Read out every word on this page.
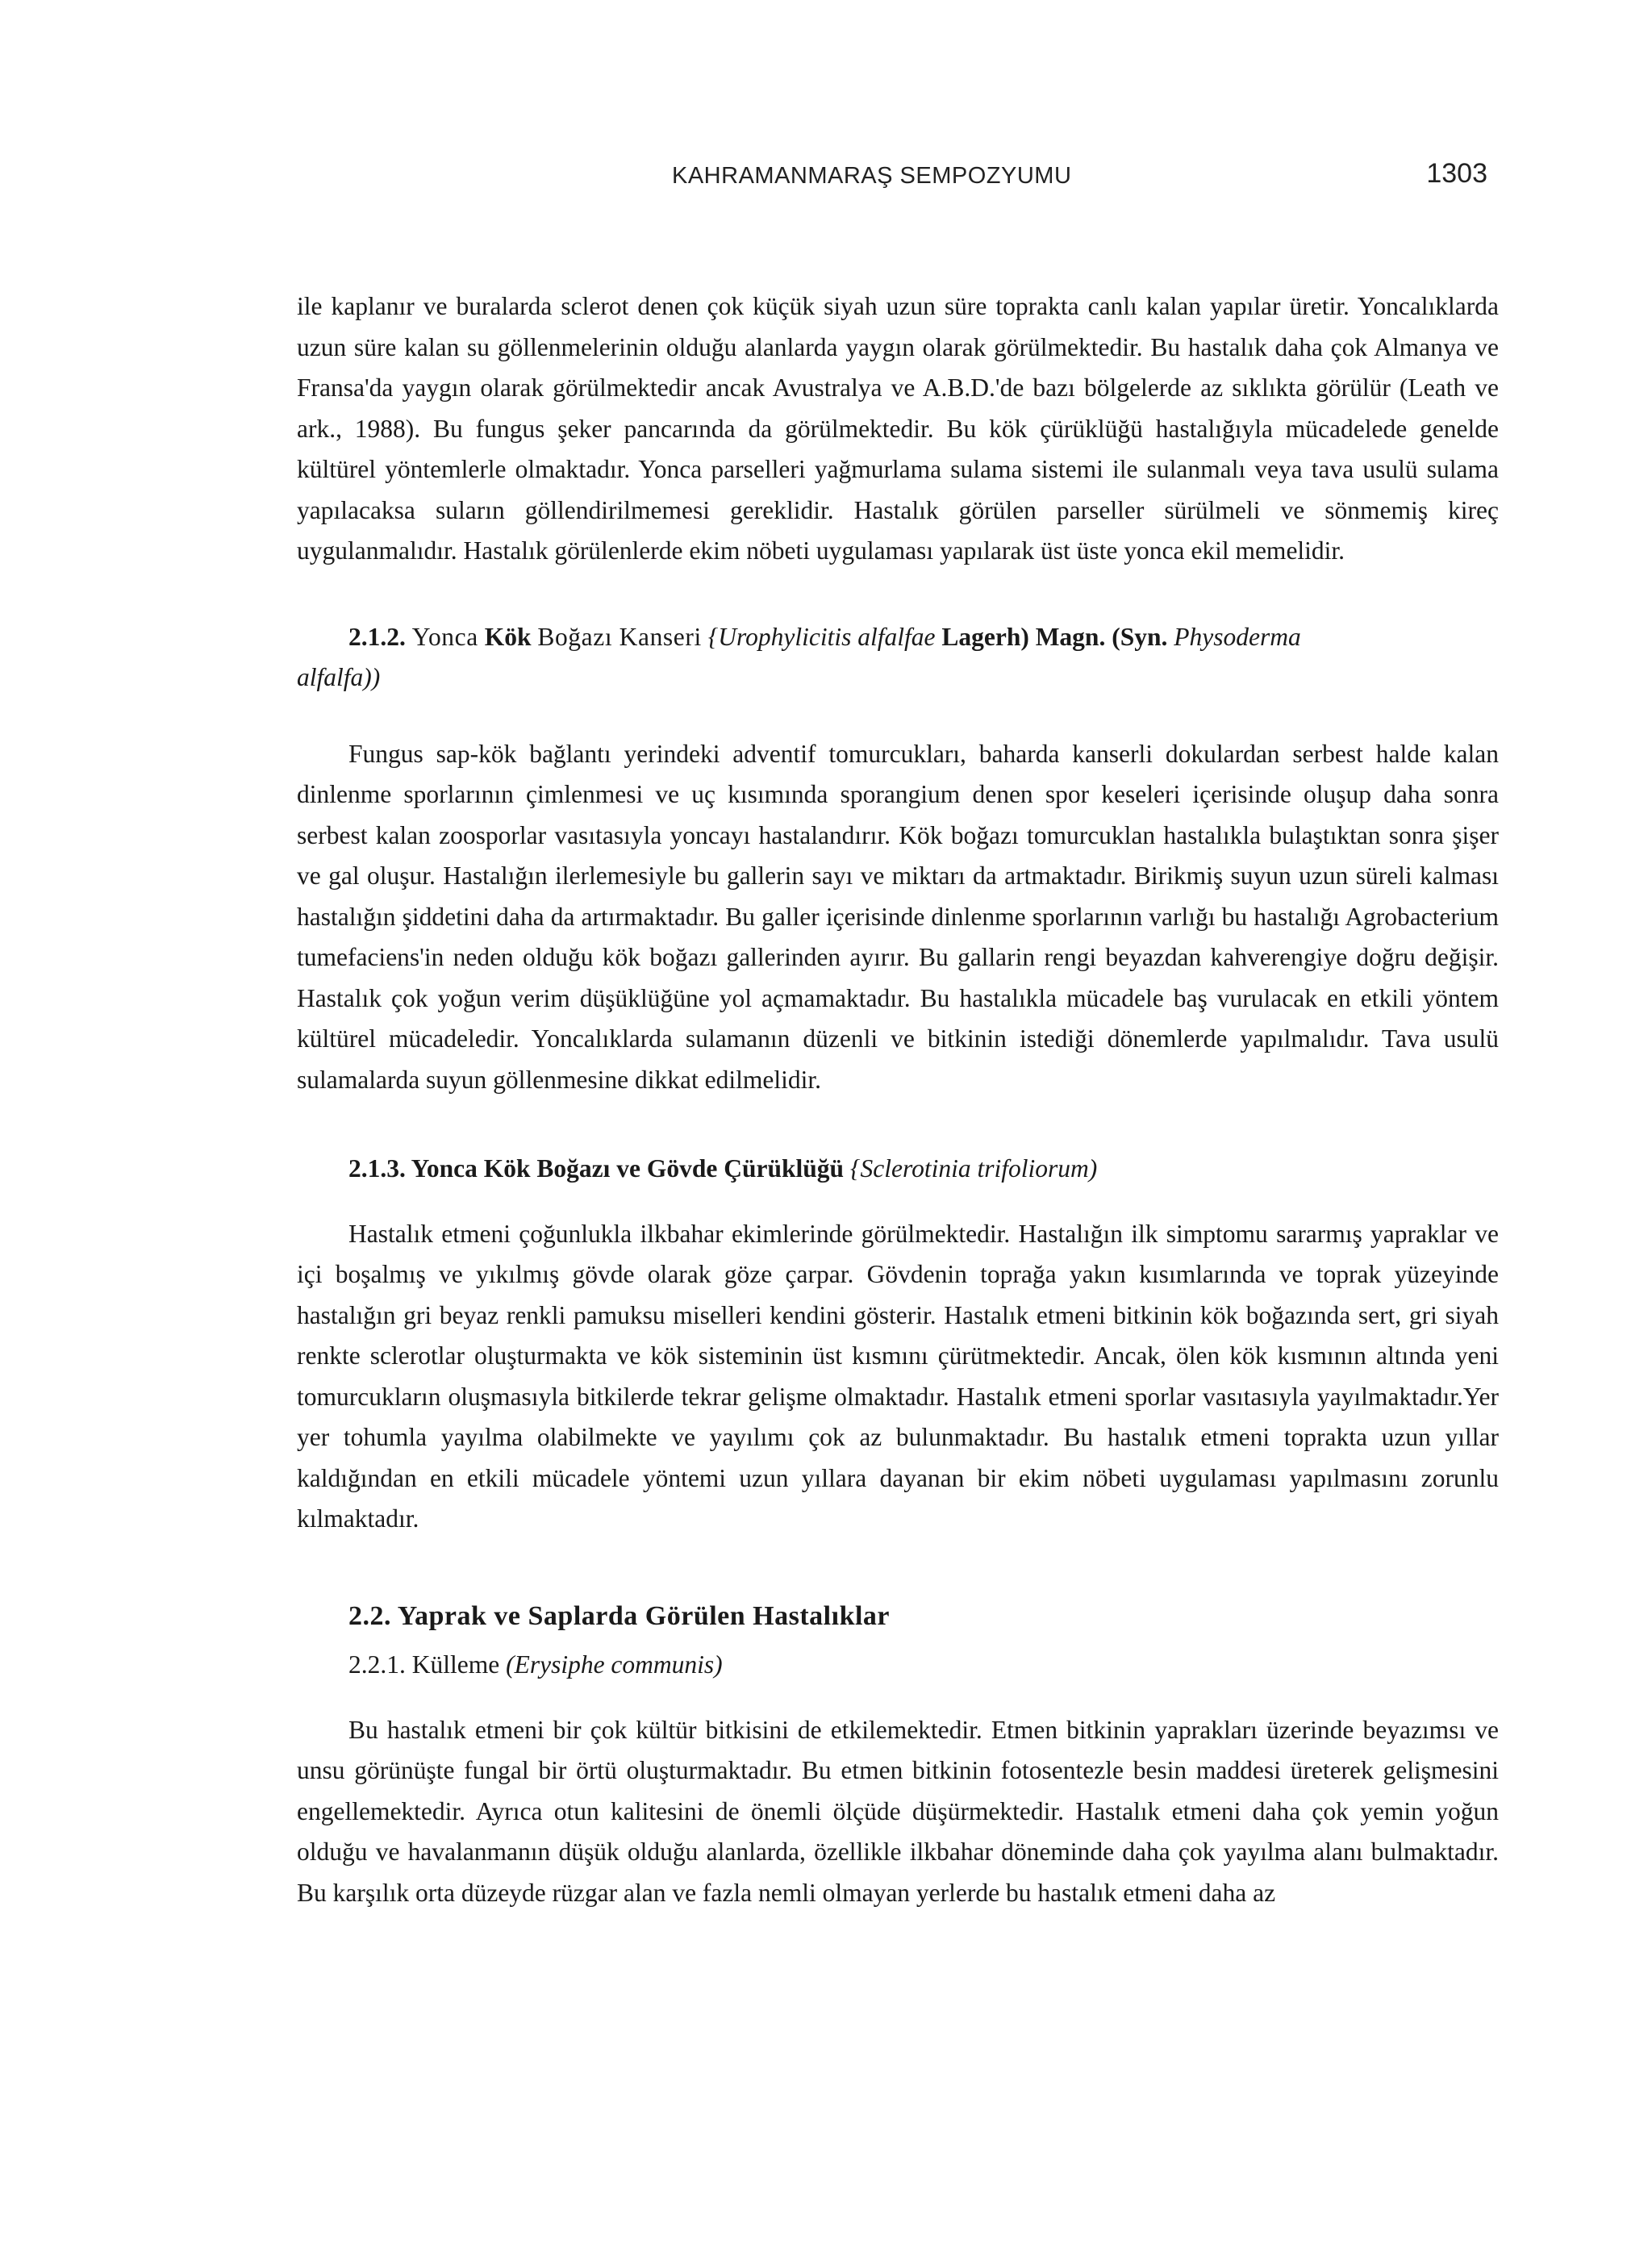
KAHRAMANMARAŞ SEMPOZYUMU	1303

ile kaplanır ve buralarda sclerot denen çok küçük siyah uzun süre toprakta canlı kalan yapılar üretir. Yoncalıklarda uzun süre kalan su göllenmelerinin olduğu alanlarda yaygın olarak görülmektedir. Bu hastalık daha çok Almanya ve Fransa'da yaygın olarak görülmektedir ancak Avustralya ve A.B.D.'de bazı bölgelerde az sıklıkta görülür (Leath ve ark., 1988). Bu fungus şeker pancarında da görülmektedir. Bu kök çürüklüğü hastalığıyla mücadelede genelde kültürel yöntemlerle olmaktadır. Yonca parselleri yağmurlama sulama sistemi ile sulanmalı veya tava usulü sulama yapılacaksa suların göllendirilmemesi gereklidir. Hastalık görülen parseller sürülmeli ve sönmemiş kireç uygulanmalıdır. Hastalık görülenlerde ekim nöbeti uygulaması yapılarak üst üste yonca ekil memelidir.

2.1.2. Yonca Kök Boğazı Kanseri {Urophylicitis alfalfae Lagerh) Magn. (Syn. Physoderma
alfalfa))

Fungus sap-kök bağlantı yerindeki adventif tomurcukları, baharda kanserli dokulardan serbest halde kalan dinlenme sporlarının çimlenmesi ve uç kısımında sporangium denen spor keseleri içerisinde oluşup daha sonra serbest kalan zoosporlar vasıtasıyla yoncayı hastalandırır. Kök boğazı tomurcuklan hastalıkla bulaştıktan sonra şişer ve gal oluşur. Hastalığın ilerlemesiyle bu gallerin sayı ve miktarı da artmaktadır. Birikmiş suyun uzun süreli kalması hastalığın şiddetini daha da artırmaktadır. Bu galler içerisinde dinlenme sporlarının varlığı bu hastalığı Agrobacterium tumefaciens'in neden olduğu kök boğazı gallerinden ayırır. Bu gallarin rengi beyazdan kahverengiye doğru değişir. Hastalık çok yoğun verim düşüklüğüne yol açmamaktadır. Bu hastalıkla mücadele baş vurulacak en etkili yöntem kültürel mücadeledir. Yoncalıklarda sulamanın düzenli ve bitkinin istediği dönemlerde yapılmalıdır. Tava usulü sulamalarda suyun göllenmesine dikkat edilmelidir.

2.1.3. Yonca Kök Boğazı ve Gövde Çürüklüğü {Sclerotinia trifoliorum)

Hastalık etmeni çoğunlukla ilkbahar ekimlerinde görülmektedir. Hastalığın ilk simptomu sararmış yapraklar ve içi boşalmış ve yıkılmış gövde olarak göze çarpar. Gövdenin toprağa yakın kısımlarında ve toprak yüzeyinde hastalığın gri beyaz renkli pamuksu miselleri kendini gösterir. Hastalık etmeni bitkinin kök boğazında sert, gri siyah renkte sclerotlar oluşturmakta ve kök sisteminin üst kısmını çürütmektedir. Ancak, ölen kök kısmının altında yeni tomurcukların oluşmasıyla bitkilerde tekrar gelişme olmaktadır. Hastalık etmeni sporlar vasıtasıyla yayılmaktadır.Yer yer tohumla yayılma olabilmekte ve yayılımı çok az bulunmaktadır. Bu hastalık etmeni toprakta uzun yıllar kaldığından en etkili mücadele yöntemi uzun yıllara dayanan bir ekim nöbeti uygulaması yapılmasını zorunlu kılmaktadır.

2.2. Yaprak ve Saplarda Görülen Hastalıklar
2.2.1. Külleme (Erysiphe communis)

Bu hastalık etmeni bir çok kültür bitkisini de etkilemektedir. Etmen bitkinin yaprakları üzerinde beyazımsı ve unsu görünüşte fungal bir örtü oluşturmaktadır. Bu etmen bitkinin fotosentezle besin maddesi üreterek gelişmesini engellemektedir. Ayrıca otun kalitesini de önemli ölçüde düşürmektedir. Hastalık etmeni daha çok yemin yoğun olduğu ve havalanmanın düşük olduğu alanlarda, özellikle ilkbahar döneminde daha çok yayılma alanı bulmaktadır. Bu karşılık orta düzeyde rüzgar alan ve fazla nemli olmayan yerlerde bu hastalık etmeni daha az
